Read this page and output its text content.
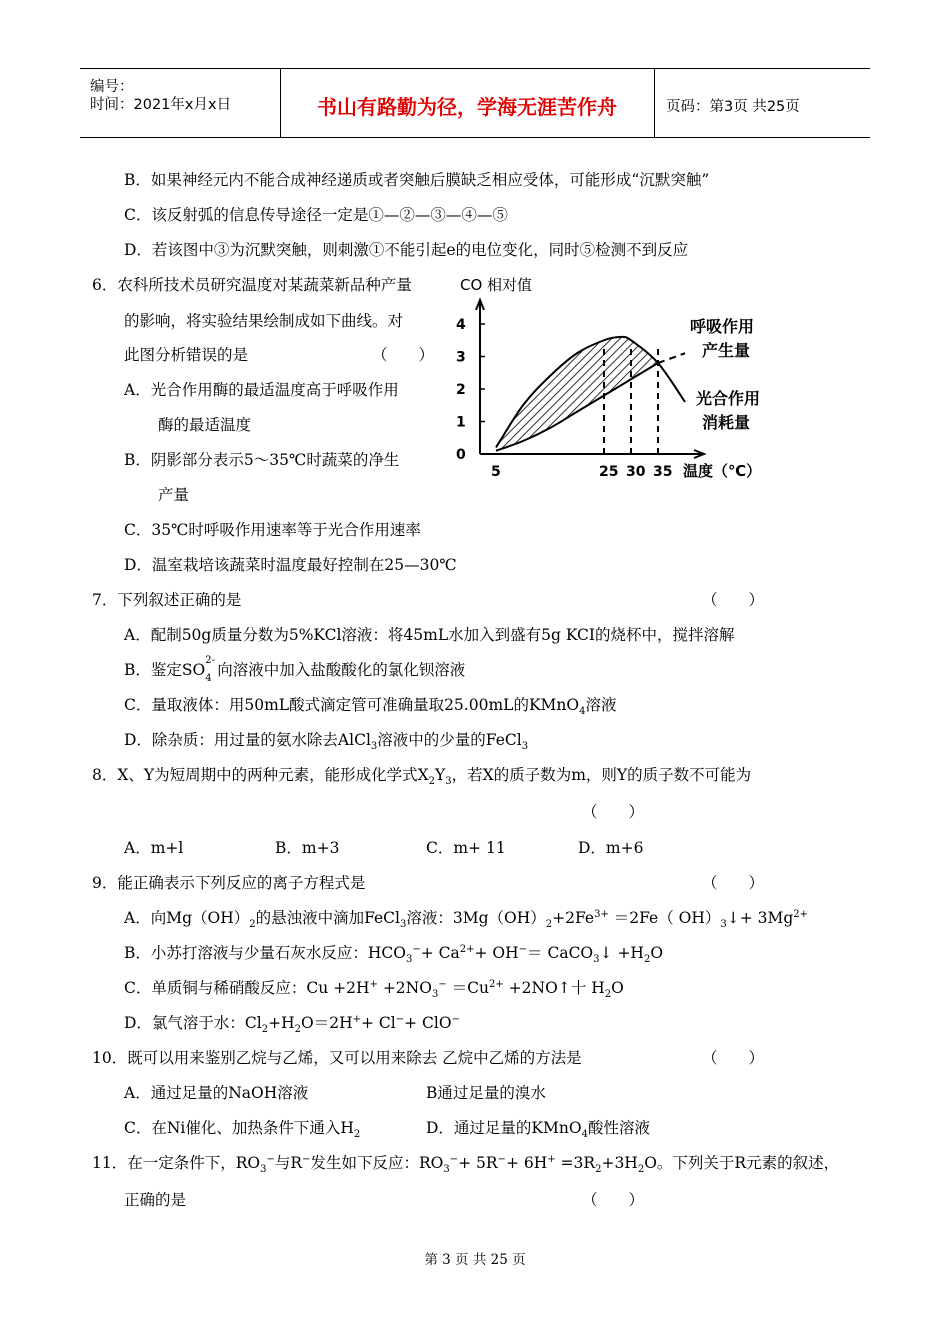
编号：
时间：2021年x月x日	书山有路勤为径，学海无涯苦作舟	页码：第3页 共25页
B．如果神经元内不能合成神经递质或者突触后膜缺乏相应受体，可能形成“沉默突触”
C．该反射弧的信息传导途径一定是①—②—③—④—⑤
D．若该图中③为沉默突触，则刺激①不能引起e的电位变化，同时⑤检测不到反应
6．农科所技术员研究温度对某蔬菜新品种产量
的影响，将实验结果绘制成如下曲线。对
此图分析错误的是	（　　）
A．光合作用酶的最适温度高于呼吸作用
酶的最适温度
B．阴影部分表示5～35℃时蔬菜的净生
产量
C．35℃时呼吸作用速率等于光合作用速率
D．温室栽培该蔬菜时温度最好控制在25—30℃
CO 相对值
0
1
2
3
4
5	25 30 35 温度（℃）
呼吸作用
产生量
光合作用
消耗量
7．下列叙述正确的是	（　　）
A．配制50g质量分数为5%KCl溶液：将45mL水加入到盛有5g KCI的烧杯中，搅拌溶解
B．鉴定SO
2-
4 向溶液中加入盐酸酸化的氯化钡溶液
C．量取液体：用50mL酸式滴定管可准确量取25.00mL的KMnO$_4$溶液
D．除杂质：用过量的氨水除去AlCl$_3$溶液中的少量的FeCl$_3$
8．X、Y为短周期中的两种元素，能形成化学式$X_2Y_3$，若X的质子数为m，则Y的质子数不可能为
（　　）
A．m+l	B．m+3	C．m+ 11	D．m+6
9．能正确表示下列反应的离子方程式是	（　　）
A．向$Mg(OH)_2$的悬浊液中滴加FeCl$_3$溶液：$3Mg(OH)_2+2Fe^{3+} =2Fe$（ $OH)_3↓+ 3Mg^{2+}$
B．小苏打溶液与少量石灰水反应：$HCO_3^-+ Ca^{2+}+ OH^-=$ CaCO$_3$↓ $+H_2O$
C．单质铜与稀硝酸反应：$Cu +2H^+ +2NO_3^- =Cu^{2+}$ +2NO↑十 $H_2O$
D．氯气溶于水：$Cl_2+H_2O=2H^++ Cl^-+ ClO^-$
10．既可以用来鉴别乙烷与乙烯，又可以用来除去 乙烷中乙烯的方法是	（　　）
A．通过足量的NaOH溶液	B通过足量的溴水
C．在Ni催化、加热条件下通入$H_2$	D．通过足量的KMnO$_4$酸性溶液
11．在一定条件下，$RO_3^-$与R−发生如下反应：$RO_3^-+ 5R^-+ 6H^+ =3R_2+3H_2O$。下列关于R元素的叙述，
正确的是	（　　）
第 3 页 共 25 页
